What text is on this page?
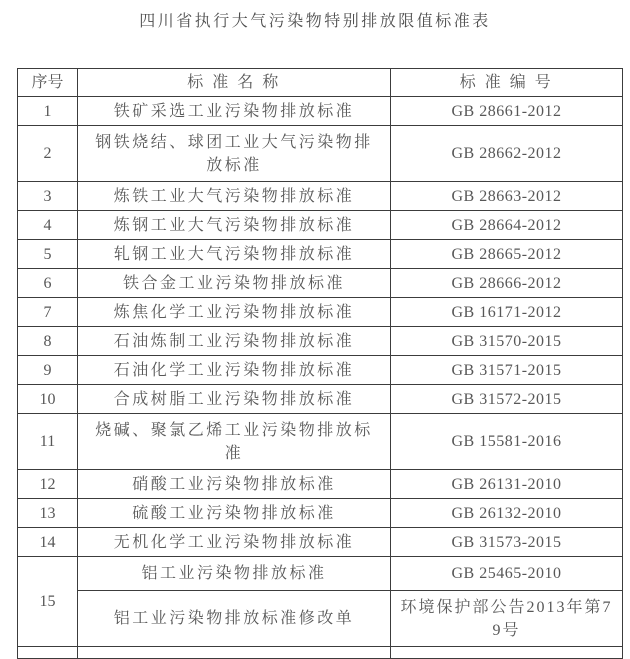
四川省执行大气污染物特别排放限值标准表
序号	标 准 名 称	标 准 编 号
1	铁矿采选工业污染物排放标准	GB 28661-2012
2	钢铁烧结、球团工业大气污染物排放标准	GB 28662-2012
3	炼铁工业大气污染物排放标准	GB 28663-2012
4	炼钢工业大气污染物排放标准	GB 28664-2012
5	轧钢工业大气污染物排放标准	GB 28665-2012
6	铁合金工业污染物排放标准	GB 28666-2012
7	炼焦化学工业污染物排放标准	GB 16171-2012
8	石油炼制工业污染物排放标准	GB 31570-2015
9	石油化学工业污染物排放标准	GB 31571-2015
10	合成树脂工业污染物排放标准	GB 31572-2015
11	烧碱、聚氯乙烯工业污染物排放标准	GB 15581-2016
12	硝酸工业污染物排放标准	GB 26131-2010
13	硫酸工业污染物排放标准	GB 26132-2010
14	无机化学工业污染物排放标准	GB 31573-2015
15	铝工业污染物排放标准	GB 25465-2010
	铝工业污染物排放标准修改单	环境保护部公告2013年第79号
